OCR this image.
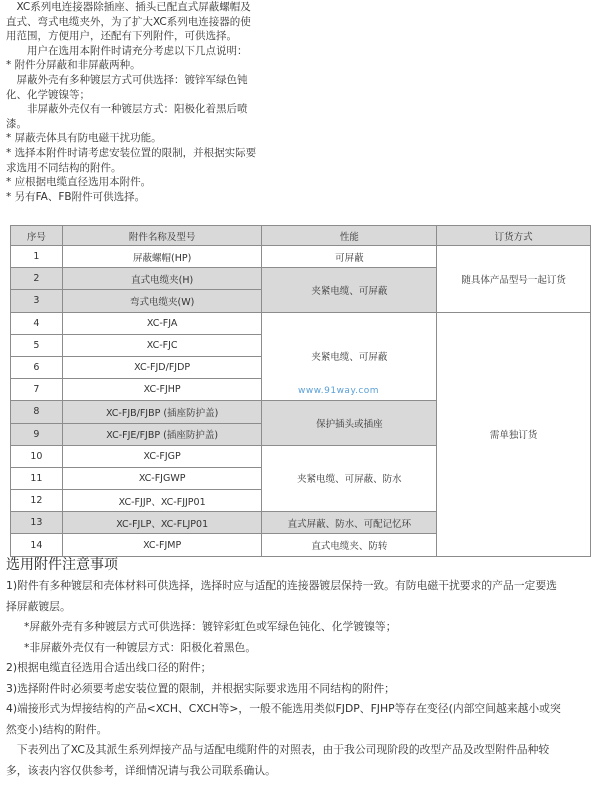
　XC系列电连接器除插座、插头已配直式屏蔽螺帽及

直式、弯式电缆夹外，为了扩大XC系列电连接器的使

用范围，方便用户，还配有下列附件，可供选择。

　　用户在选用本附件时请充分考虑以下几点说明：

* 附件分屏蔽和非屏蔽两种。

　屏蔽外壳有多种镀层方式可供选择：镀锌军绿色钝

化、化学镀镍等；

　　非屏蔽外壳仅有一种镀层方式：阳极化着黑后喷

漆。

* 屏蔽壳体具有防电磁干扰功能。

* 选择本附件时请考虑安装位置的限制，并根据实际要

求选用不同结构的附件。

* 应根据电缆直径选用本附件。

* 另有FA、FB附件可供选择。

序号	附件名称及型号	性能	订货方式
1	屏蔽螺帽(HP)	可屏蔽	随具体产品型号一起订货
2	直式电缆夹(H)	夹紧电缆、可屏蔽	
3	弯式电缆夹(W)		
4	XC-FJA	夹紧电缆、可屏蔽	需单独订货
5	XC-FJC		
6	XC-FJD/FJDP		
7	XC-FJHP		
8	XC-FJB/FJBP (插座防护盖)	保护插头或插座	
9	XC-FJE/FJBP (插座防护盖)		
10	XC-FJGP	夹紧电缆、可屏蔽、防水	
11	XC-FJGWP		
12	XC-FJJP、XC-FJJP01		
13	XC-FJLP、XC-FLJP01	直式屏蔽、防水、可配记忆环	
14	XC-FJMP	直式电缆夹、防转	
www.91way.com
选用附件注意事项

1)附件有多种镀层和壳体材料可供选择，选择时应与适配的连接器镀层保持一致。有防电磁干扰要求的产品一定要选

择屏蔽镀层。

*屏蔽外壳有多种镀层方式可供选择：镀锌彩虹色或军绿色钝化、化学镀镍等；

*非屏蔽外壳仅有一种镀层方式：阳极化着黑色。

2)根据电缆直径选用合适出线口径的附件；

3)选择附件时必须要考虑安装位置的限制，并根据实际要求选用不同结构的附件；

4)端接形式为焊接结构的产品<XCH、CXCH等>，一般不能选用类似FJDP、FJHP等存在变径(内部空间越来越小或突

然变小)结构的附件。

　下表列出了XC及其派生系列焊接产品与适配电缆附件的对照表，由于我公司现阶段的改型产品及改型附件品种较

多，该表内容仅供参考，详细情况请与我公司联系确认。
